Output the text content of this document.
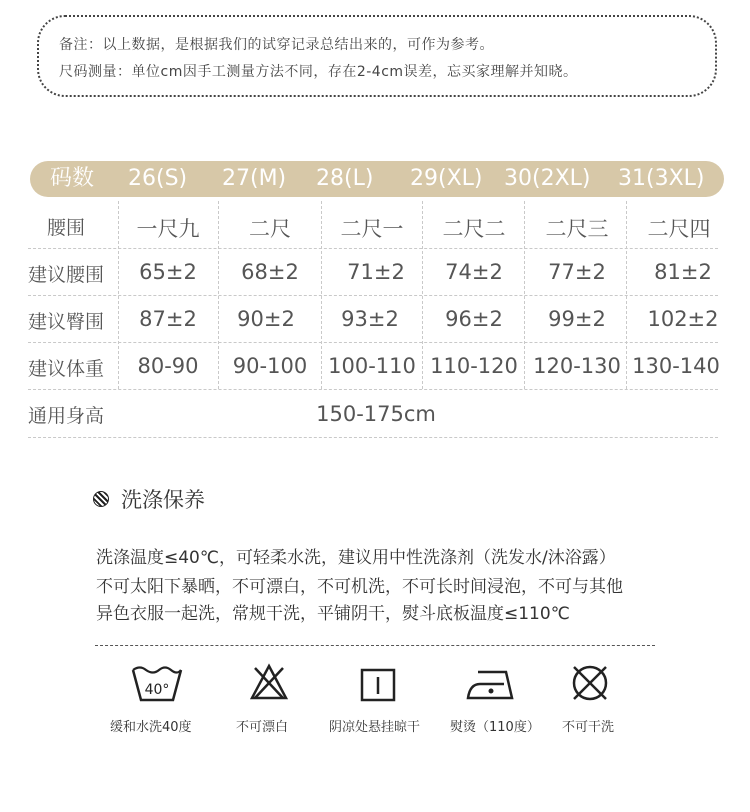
备注：以上数据，是根据我们的试穿记录总结出来的，可作为参考。
尺码测量：单位cm因手工测量方法不同，存在2-4cm误差，忘买家理解并知晓。
码数 26(S) 27(M) 28(L) 29(XL) 30(2XL) 31(3XL)
腰围	一尺九	二尺	二尺一	二尺二	二尺三	二尺四
建议腰围	65±2	68±2	71±2	74±2	77±2	81±2
建议臀围	87±2	90±2	93±2	96±2	99±2	102±2
建议体重	80-90	90-100 100-110 110-120 120-130 130-140
通用身高	150-175cm
洗涤保养
洗涤温度≤40℃，可轻柔水洗，建议用中性洗涤剂（洗发水/沐浴露）
不可太阳下暴晒，不可漂白，不可机洗，不可长时间浸泡，不可与其他
异色衣服一起洗，常规干洗，平铺阴干，熨斗底板温度≤110℃
40°
缓和水洗40度	不可漂白	阴凉处悬挂晾干 熨烫（110度） 不可干洗
